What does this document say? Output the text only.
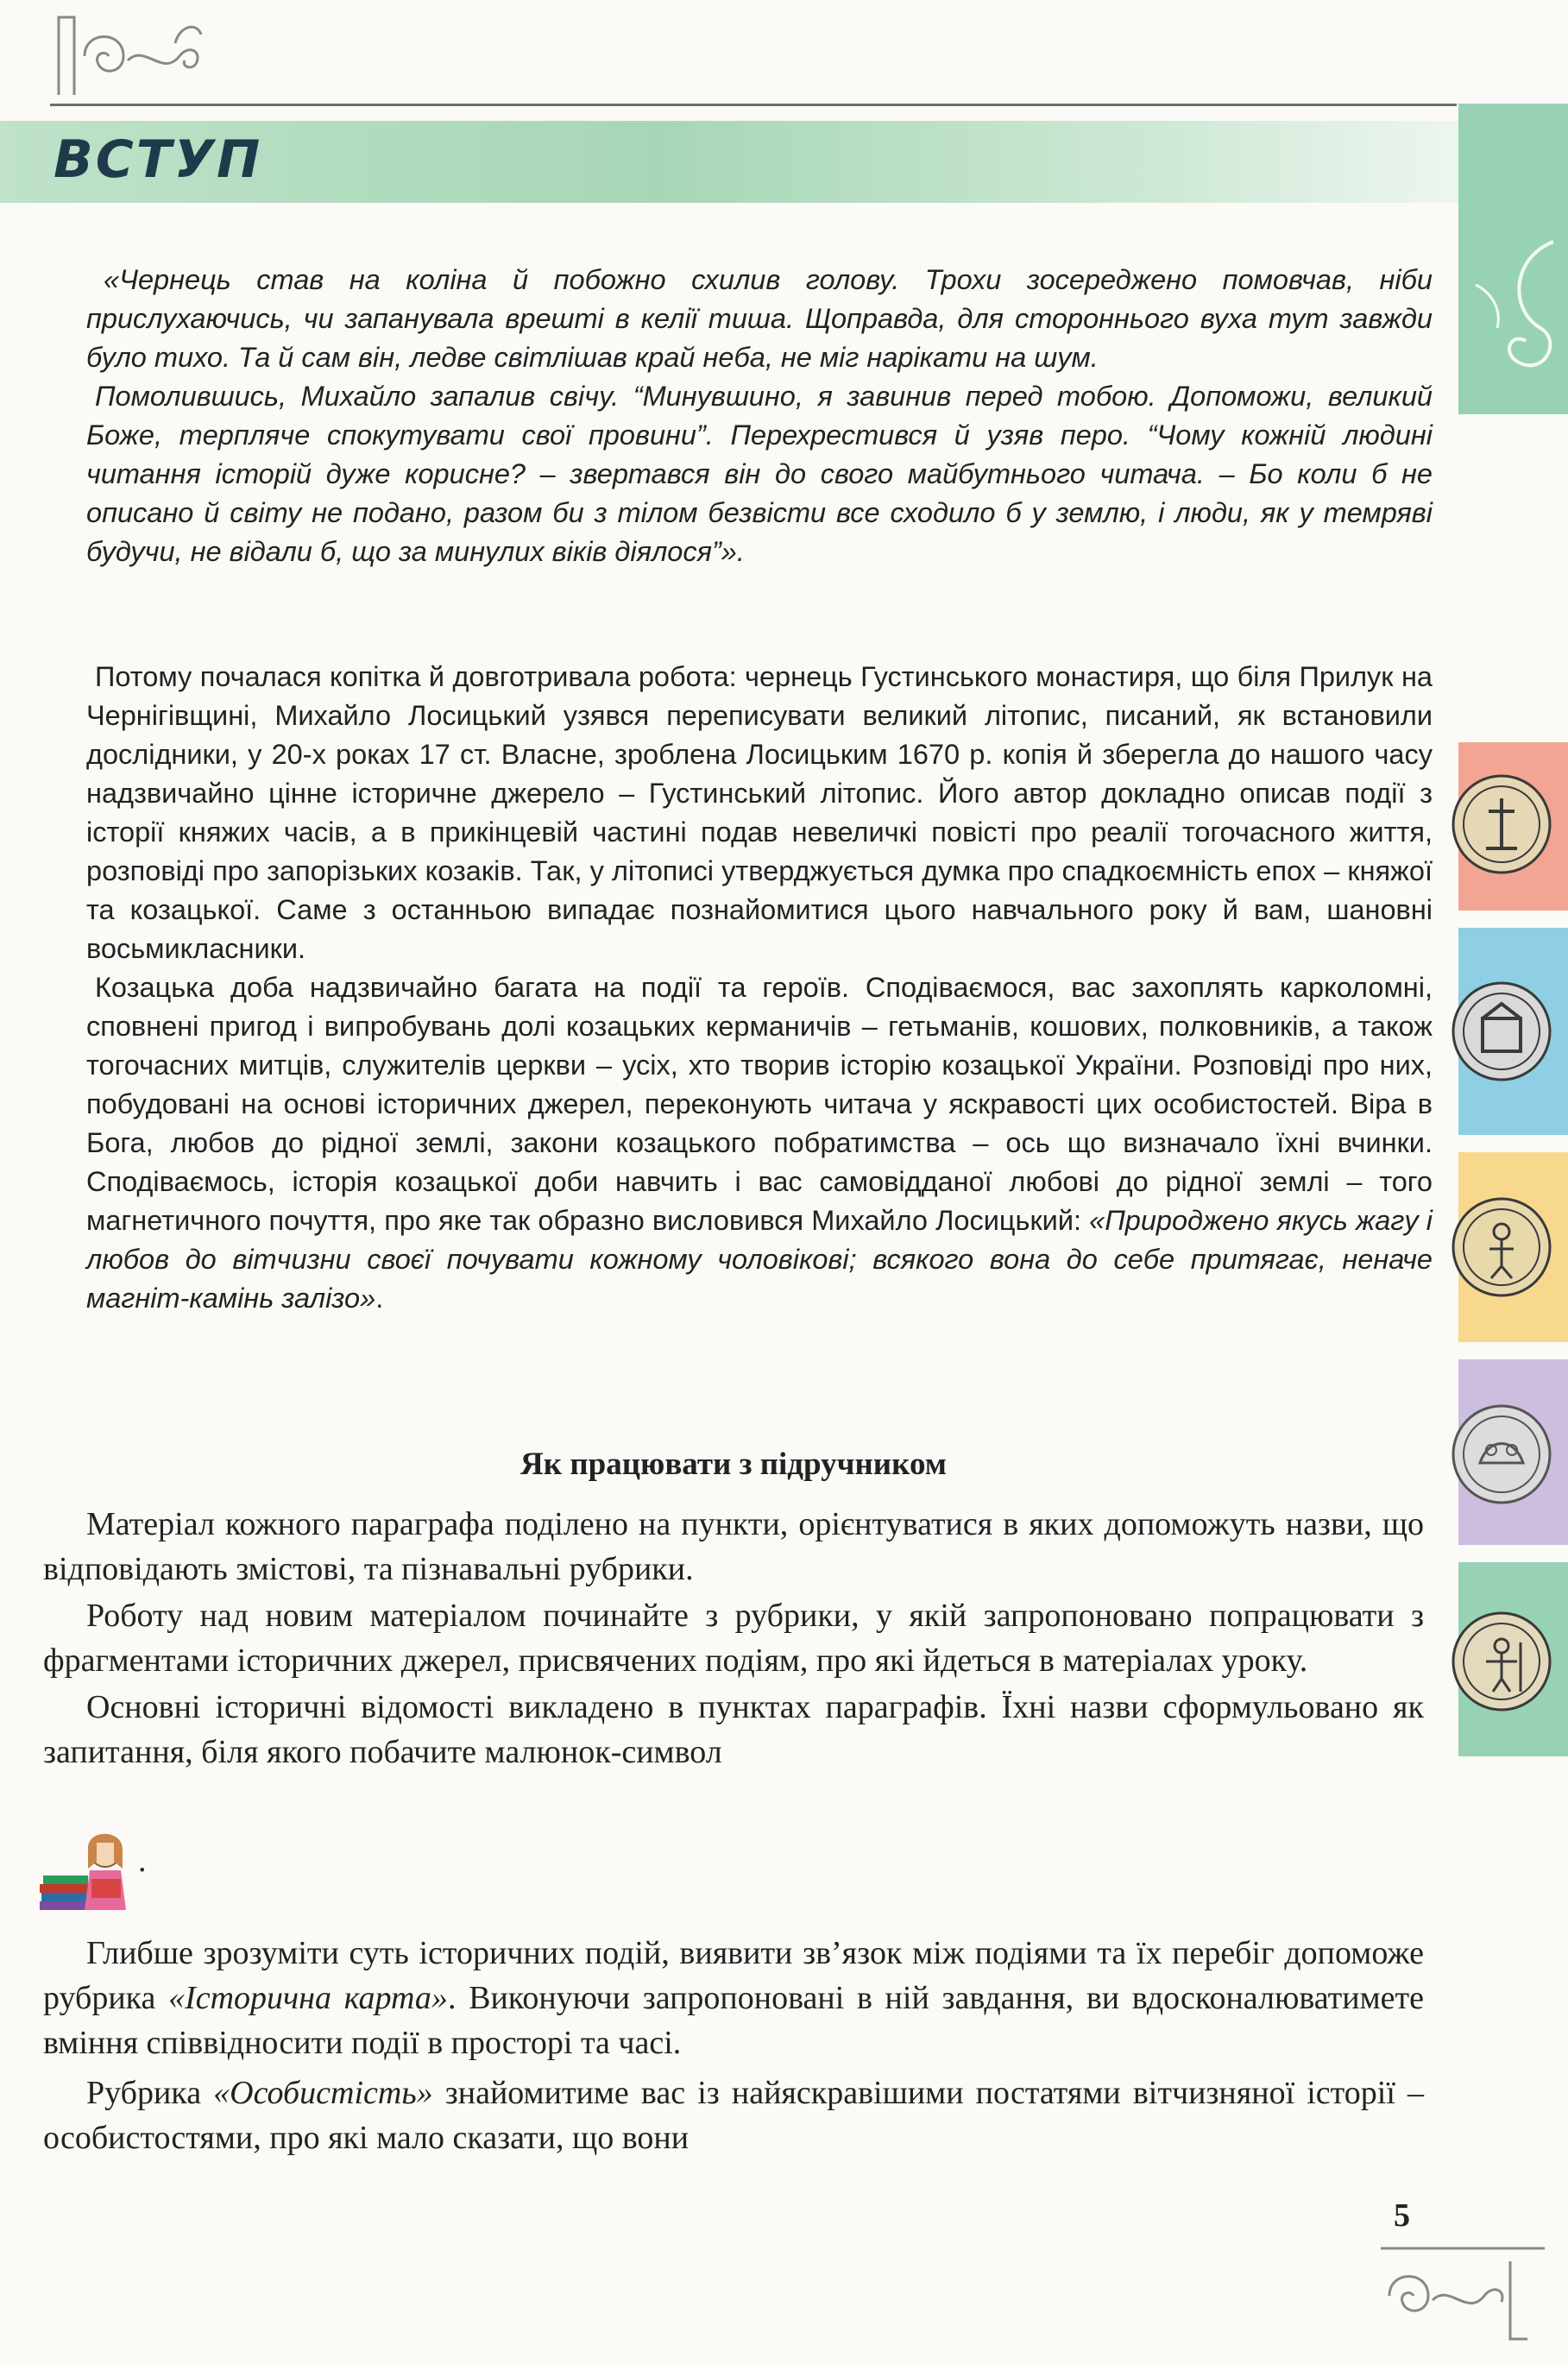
ВСТУП

«Чернець став на коліна й побожно схилив голову. Трохи зосереджено помовчав, ніби прислухаючись, чи запанувала врешті в келії тиша. Щоправда, для стороннього вуха тут завжди було тихо. Та й сам він, ледве світлішав край неба, не міг нарікати на шум.

Помолившись, Михайло запалив свічу. “Минувшино, я завинив перед тобою. Допоможи, великий Боже, терпляче спокутувати свої провини”. Перехрестився й узяв перо. “Чому кожній людині читання історій дуже корисне? – звертався він до свого майбутнього читача. – Бо коли б не описано й світу не подано, разом би з тілом безвісти все сходило б у землю, і люди, як у темряві будучи, не відали б, що за минулих віків діялося”».

Потому почалася копітка й довготривала робота: чернець Густинського монастиря, що біля Прилук на Чернігівщині, Михайло Лосицький узявся переписувати великий літопис, писаний, як встановили дослідники, у 20-х роках 17 ст. Власне, зроблена Лосицьким 1670 р. копія й зберегла до нашого часу надзвичайно цінне історичне джерело – Густинський літопис. Його автор докладно описав події з історії княжих часів, а в прикінцевій частині подав невеличкі повісті про реалії тогочасного життя, розповіді про запорізьких козаків. Так, у літописі утверджується думка про спадкоємність епох – княжої та козацької. Саме з останньою випадає познайомитися цього навчального року й вам, шановні восьмикласники.

Козацька доба надзвичайно багата на події та героїв. Сподіваємося, вас захоплять карколомні, сповнені пригод і випробувань долі козацьких керманичів – гетьманів, кошових, полковників, а також тогочасних митців, служителів церкви – усіх, хто творив історію козацької України. Розповіді про них, побудовані на основі історичних джерел, переконують читача у яскравості цих особистостей. Віра в Бога, любов до рідної землі, закони козацького побратимства – ось що визначало їхні вчинки. Сподіваємось, історія козацької доби навчить і вас самовідданої любові до рідної землі – того магнетичного почуття, про яке так образно висловився Михайло Лосицький: «Природжено якусь жагу і любов до вітчизни своєї почувати кожному чоловікові; всякого вона до себе притягає, неначе магніт-камінь залізо».

Як працювати з підручником

Матеріал кожного параграфа поділено на пункти, орієнтуватися в яких допоможуть назви, що відповідають змістові, та пізнавальні рубрики.

Роботу над новим матеріалом починайте з рубрики, у якій запропоновано попрацювати з фрагментами історичних джерел, присвячених подіям, про які йдеться в матеріалах уроку.

Основні історичні відомості викладено в пунктах параграфів. Їхні назви сформульовано як запитання, біля якого побачите малюнок-символ

.

Глибше зрозуміти суть історичних подій, виявити зв’язок між подіями та їх перебіг допоможе рубрика «Історична карта». Виконуючи запропоновані в ній завдання, ви вдосконалюватимете вміння співвідносити події в просторі та часі.

Рубрика «Особистість» знайомитиме вас із найяскравішими постатями вітчизняної історії – особистостями, про які мало сказати, що вони

5
